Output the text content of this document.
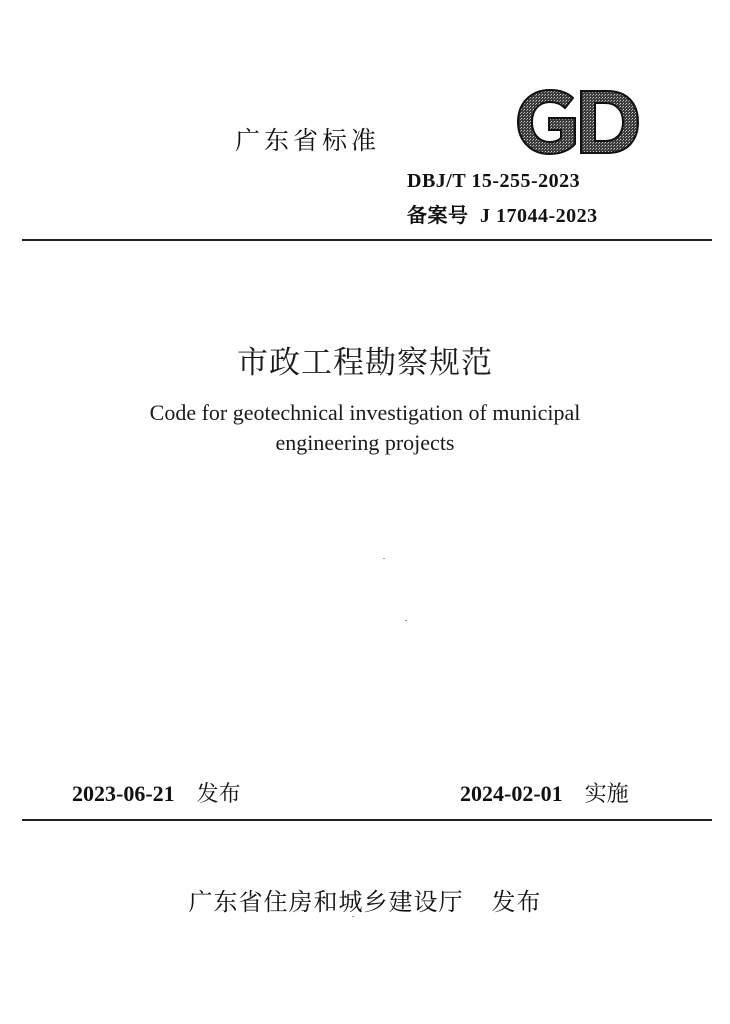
广东省标准
DBJ/T 15-255-2023
备案号 J 17044-2023
市政工程勘察规范
Code for geotechnical investigation of municipal
engineering projects
2023-06-21 发布	2024-02-01 实施
广东省住房和城乡建设厅 发布
